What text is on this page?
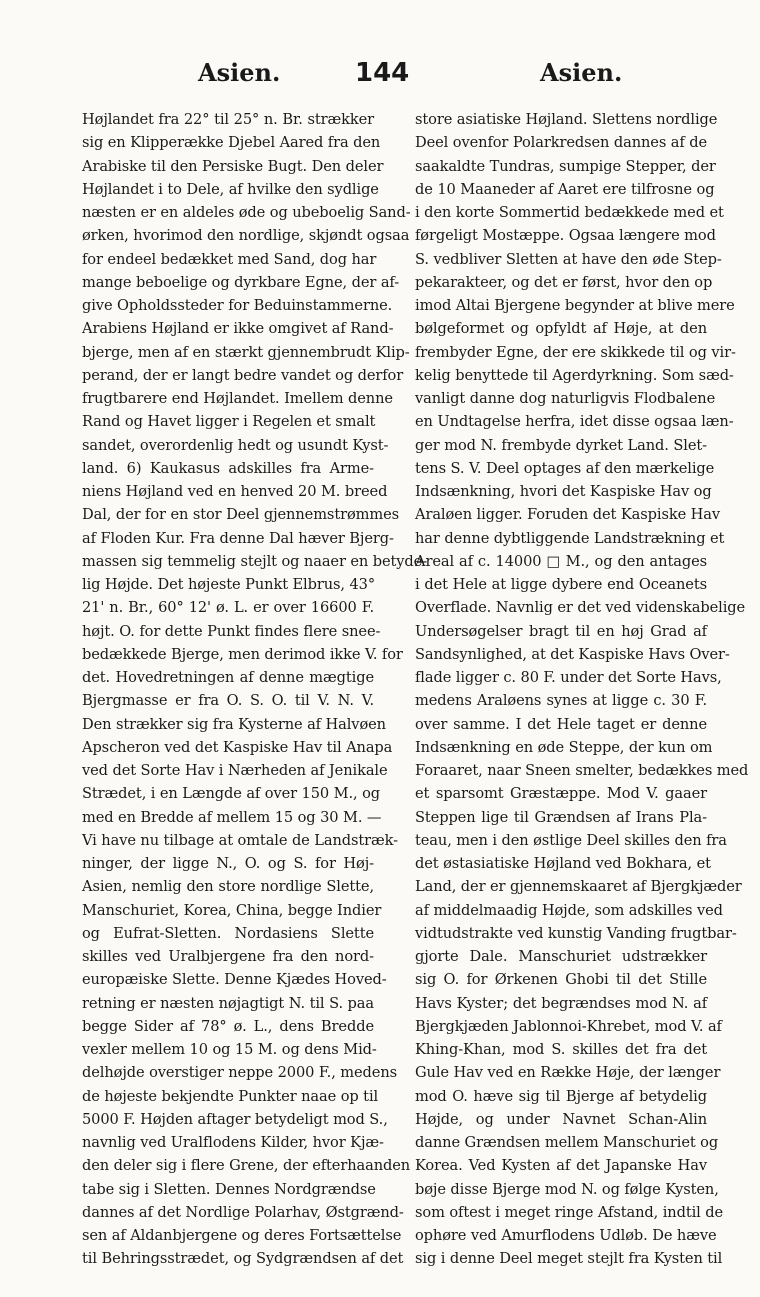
Asien.	144	Asien.
Højlandet fra 22° til 25° n. Br. strækker
sig en Klipperække Djebel Aared fra den
Arabiske til den Persiske Bugt. Den deler
Højlandet i to Dele, af hvilke den sydlige
næsten er en aldeles øde og ubeboelig Sand-
ørken, hvorimod den nordlige, skjøndt ogsaa
for endeel bedækket med Sand, dog har
mange beboelige og dyrkbare Egne, der af-
give Opholdssteder for Beduinstammerne.
Arabiens Højland er ikke omgivet af Rand-
bjerge, men af en stærkt gjennembrudt Klip-
perand, der er langt bedre vandet og derfor
frugtbarere end Højlandet. Imellem denne
Rand og Havet ligger i Regelen et smalt
sandet, overordenlig hedt og usundt Kyst-
land. 6) Kaukasus adskilles fra Arme-
niens Højland ved en henved 20 M. breed
Dal, der for en stor Deel gjennemstrømmes
af Floden Kur. Fra denne Dal hæver Bjerg-
massen sig temmelig stejlt og naaer en betyde-
lig Højde. Det højeste Punkt Elbrus, 43°
21' n. Br., 60° 12' ø. L. er over 16600 F.
højt. O. for dette Punkt findes flere snee-
bedækkede Bjerge, men derimod ikke V. for
det. Hovedretningen af denne mægtige
Bjergmasse er fra O. S. O. til V. N. V.
Den strækker sig fra Kysterne af Halvøen
Apscheron ved det Kaspiske Hav til Anapa
ved det Sorte Hav i Nærheden af Jenikale
Strædet, i en Længde af over 150 M., og
med en Bredde af mellem 15 og 30 M. —
Vi have nu tilbage at omtale de Landstræk-
ninger, der ligge N., O. og S. for Høj-
Asien, nemlig den store nordlige Slette,
Manschuriet, Korea, China, begge Indier
og Eufrat-Sletten. Nordasiens Slette
skilles ved Uralbjergene fra den nord-
europæiske Slette. Denne Kjædes Hoved-
retning er næsten nøjagtigt N. til S. paa
begge Sider af 78° ø. L., dens Bredde
vexler mellem 10 og 15 M. og dens Mid-
delhøjde overstiger neppe 2000 F., medens
de højeste bekjendte Punkter naae op til
5000 F. Højden aftager betydeligt mod S.,
navnlig ved Uralflodens Kilder, hvor Kjæ-
den deler sig i flere Grene, der efterhaanden
tabe sig i Sletten. Dennes Nordgrændse
dannes af det Nordlige Polarhav, Østgrænd-
sen af Aldanbjergene og deres Fortsættelse
til Behringsstrædet, og Sydgrændsen af det
store asiatiske Højland. Slettens nordlige
Deel ovenfor Polarkredsen dannes af de
saakaldte Tundras, sumpige Stepper, der
de 10 Maaneder af Aaret ere tilfrosne og
i den korte Sommertid bedækkede med et
førgeligt Mostæppe. Ogsaa længere mod
S. vedbliver Sletten at have den øde Step-
pekarakteer, og det er først, hvor den op
imod Altai Bjergene begynder at blive mere
bølgeformet og opfyldt af Høje, at den
frembyder Egne, der ere skikkede til og vir-
kelig benyttede til Agerdyrkning. Som sæd-
vanligt danne dog naturligvis Flodbalene
en Undtagelse herfra, idet disse ogsaa læn-
ger mod N. frembyde dyrket Land. Slet-
tens S. V. Deel optages af den mærkelige
Indsænkning, hvori det Kaspiske Hav og
Araløen ligger. Foruden det Kaspiske Hav
har denne dybtliggende Landstrækning et
Areal af c. 14000 □ M., og den antages
i det Hele at ligge dybere end Oceanets
Overflade. Navnlig er det ved videnskabelige
Undersøgelser bragt til en høj Grad af
Sandsynlighed, at det Kaspiske Havs Over-
flade ligger c. 80 F. under det Sorte Havs,
medens Araløens synes at ligge c. 30 F.
over samme. I det Hele taget er denne
Indsænkning en øde Steppe, der kun om
Foraaret, naar Sneen smelter, bedækkes med
et sparsomt Græstæppe. Mod V. gaaer
Steppen lige til Grændsen af Irans Pla-
teau, men i den østlige Deel skilles den fra
det østasiatiske Højland ved Bokhara, et
Land, der er gjennemskaaret af Bjergkjæder
af middelmaadig Højde, som adskilles ved
vidtudstrakte ved kunstig Vanding frugtbar-
gjorte Dale. Manschuriet udstrækker
sig O. for Ørkenen Ghobi til det Stille
Havs Kyster; det begrændses mod N. af
Bjergkjæden Jablonnoi-Khrebet, mod V. af
Khing-Khan, mod S. skilles det fra det
Gule Hav ved en Række Høje, der længer
mod O. hæve sig til Bjerge af betydelig
Højde, og under Navnet Schan-Alin
danne Grændsen mellem Manschuriet og
Korea. Ved Kysten af det Japanske Hav
bøje disse Bjerge mod N. og følge Kysten,
som oftest i meget ringe Afstand, indtil de
ophøre ved Amurflodens Udløb. De hæve
sig i denne Deel meget stejlt fra Kysten til
